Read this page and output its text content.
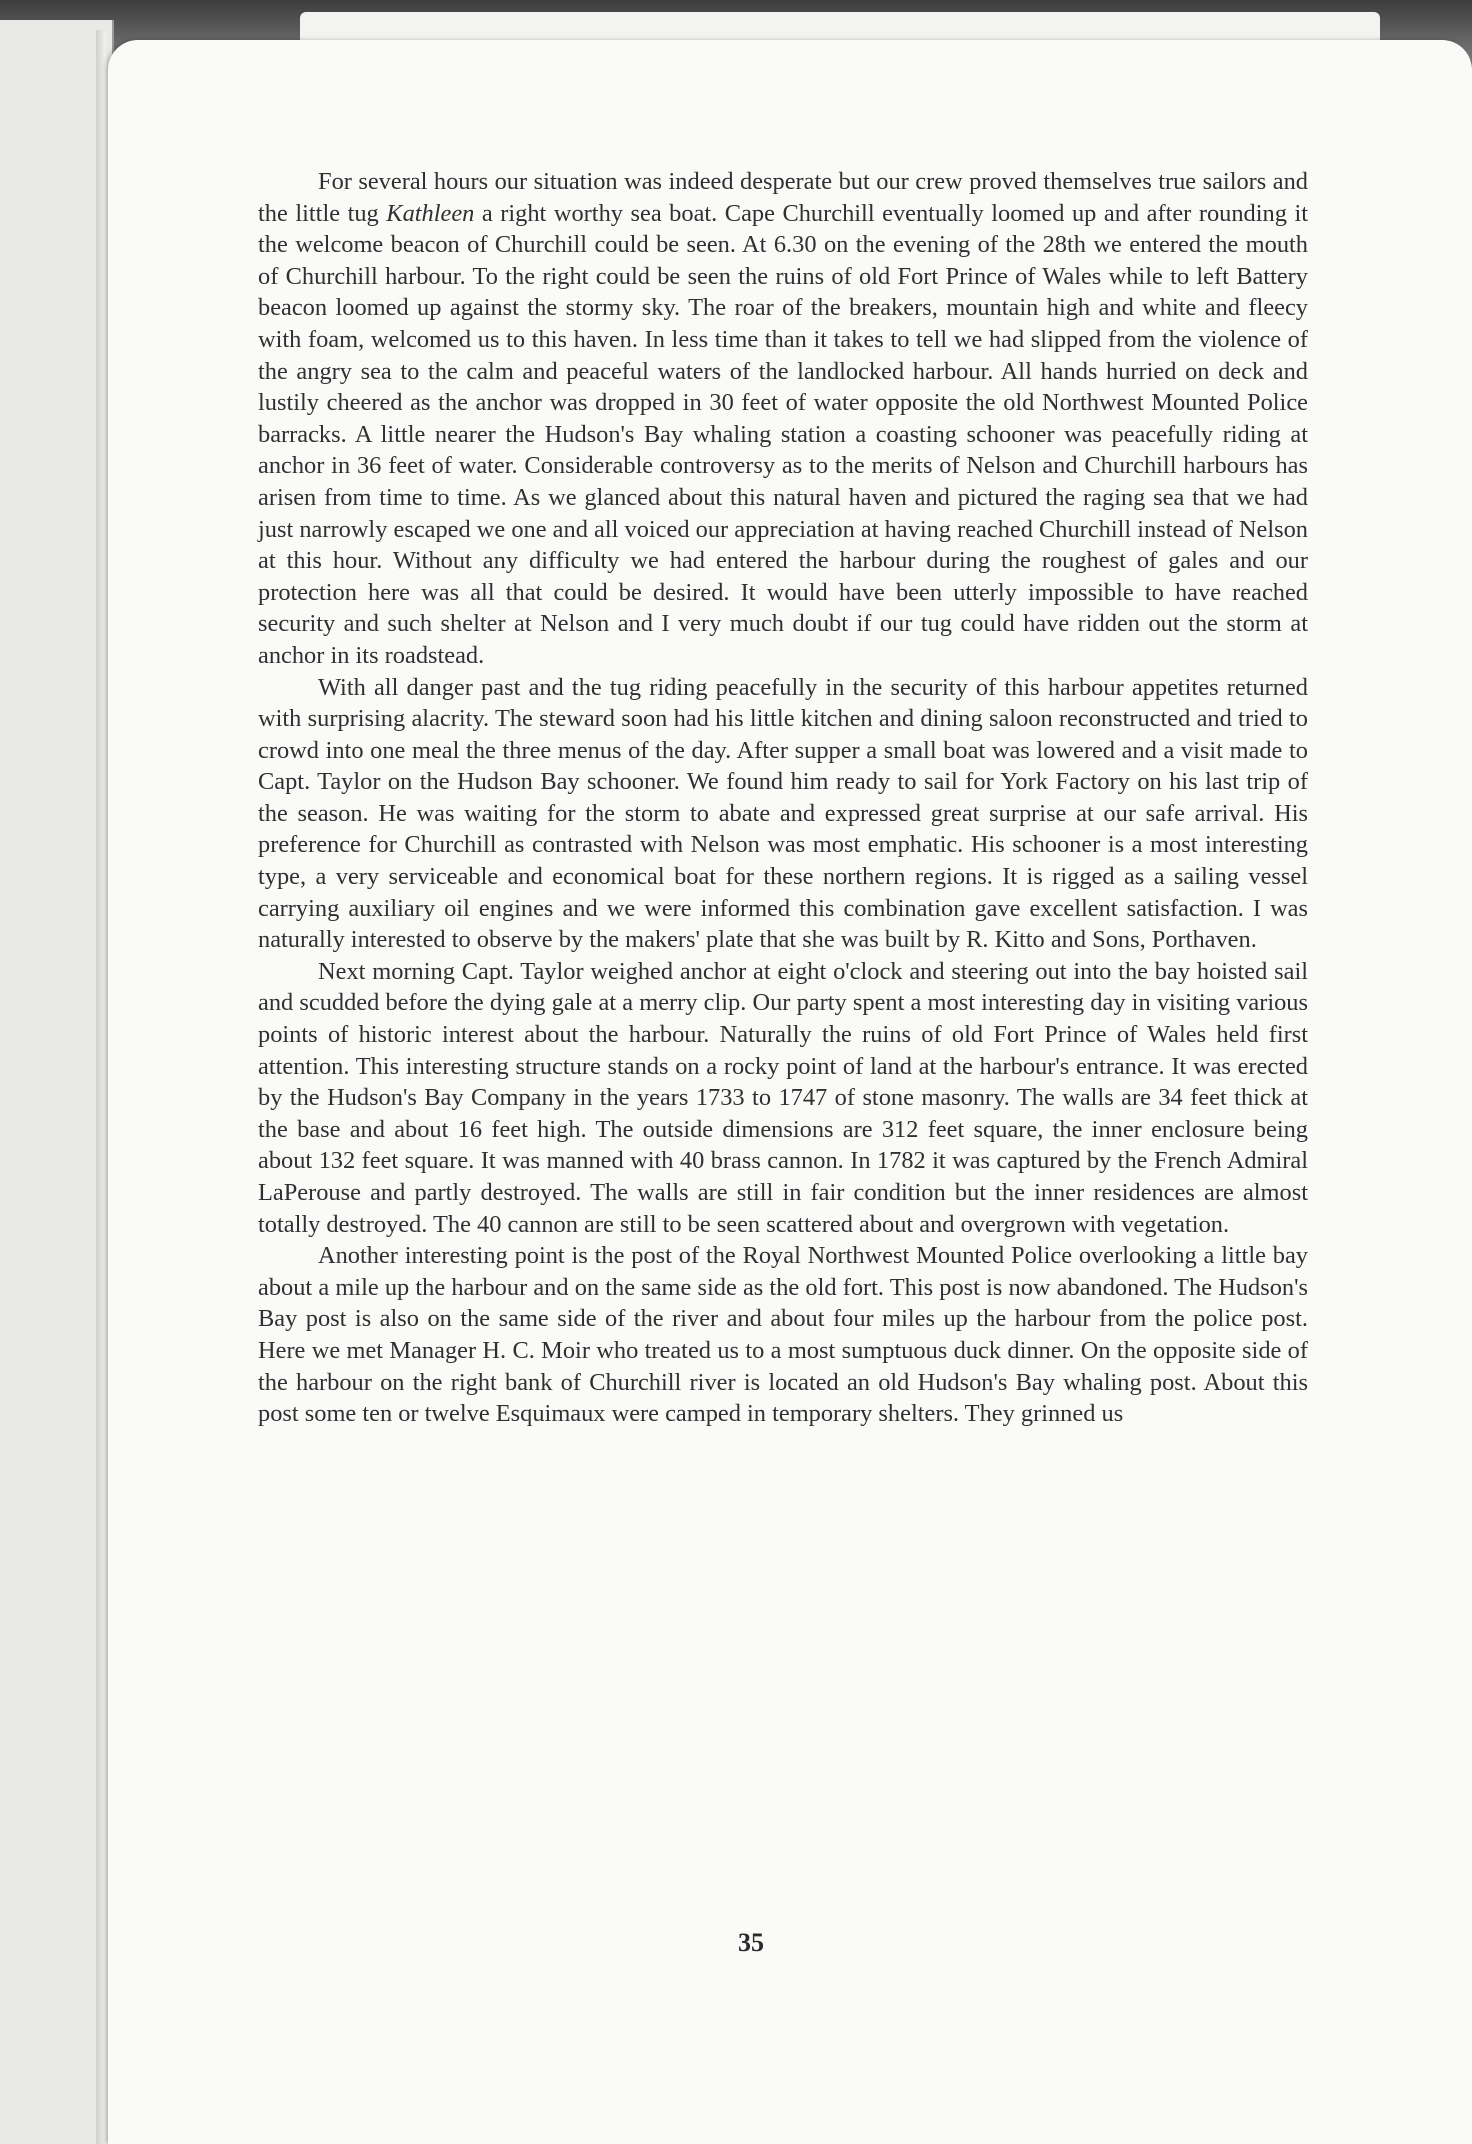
For several hours our situation was indeed desperate but our crew proved themselves true sailors and the little tug Kathleen a right worthy sea boat. Cape Churchill eventually loomed up and after rounding it the welcome beacon of Churchill could be seen. At 6.30 on the evening of the 28th we entered the mouth of Churchill harbour. To the right could be seen the ruins of old Fort Prince of Wales while to left Battery beacon loomed up against the stormy sky. The roar of the breakers, mountain high and white and fleecy with foam, welcomed us to this haven. In less time than it takes to tell we had slipped from the violence of the angry sea to the calm and peaceful waters of the landlocked harbour. All hands hurried on deck and lustily cheered as the anchor was dropped in 30 feet of water opposite the old Northwest Mounted Police barracks. A little nearer the Hudson's Bay whaling station a coasting schooner was peacefully riding at anchor in 36 feet of water. Considerable controversy as to the merits of Nelson and Churchill harbours has arisen from time to time. As we glanced about this natural haven and pictured the raging sea that we had just narrowly escaped we one and all voiced our appreciation at having reached Churchill instead of Nelson at this hour. Without any difficulty we had entered the harbour during the roughest of gales and our protection here was all that could be desired. It would have been utterly impossible to have reached security and such shelter at Nelson and I very much doubt if our tug could have ridden out the storm at anchor in its roadstead.

With all danger past and the tug riding peacefully in the security of this harbour appetites returned with surprising alacrity. The steward soon had his little kitchen and dining saloon reconstructed and tried to crowd into one meal the three menus of the day. After supper a small boat was lowered and a visit made to Capt. Taylor on the Hudson Bay schooner. We found him ready to sail for York Factory on his last trip of the season. He was waiting for the storm to abate and expressed great surprise at our safe arrival. His preference for Churchill as contrasted with Nelson was most emphatic. His schooner is a most interesting type, a very serviceable and economical boat for these northern regions. It is rigged as a sailing vessel carrying auxiliary oil engines and we were informed this combination gave excellent satisfaction. I was naturally interested to observe by the makers' plate that she was built by R. Kitto and Sons, Porthaven.

Next morning Capt. Taylor weighed anchor at eight o'clock and steering out into the bay hoisted sail and scudded before the dying gale at a merry clip. Our party spent a most interesting day in visiting various points of historic interest about the harbour. Naturally the ruins of old Fort Prince of Wales held first attention. This interesting structure stands on a rocky point of land at the harbour's entrance. It was erected by the Hudson's Bay Company in the years 1733 to 1747 of stone masonry. The walls are 34 feet thick at the base and about 16 feet high. The outside dimensions are 312 feet square, the inner enclosure being about 132 feet square. It was manned with 40 brass cannon. In 1782 it was captured by the French Admiral LaPerouse and partly destroyed. The walls are still in fair condition but the inner residences are almost totally destroyed. The 40 cannon are still to be seen scattered about and overgrown with vegetation.

Another interesting point is the post of the Royal Northwest Mounted Police overlooking a little bay about a mile up the harbour and on the same side as the old fort. This post is now abandoned. The Hudson's Bay post is also on the same side of the river and about four miles up the harbour from the police post. Here we met Manager H. C. Moir who treated us to a most sumptuous duck dinner. On the opposite side of the harbour on the right bank of Churchill river is located an old Hudson's Bay whaling post. About this post some ten or twelve Esquimaux were camped in temporary shelters. They grinned us

35
